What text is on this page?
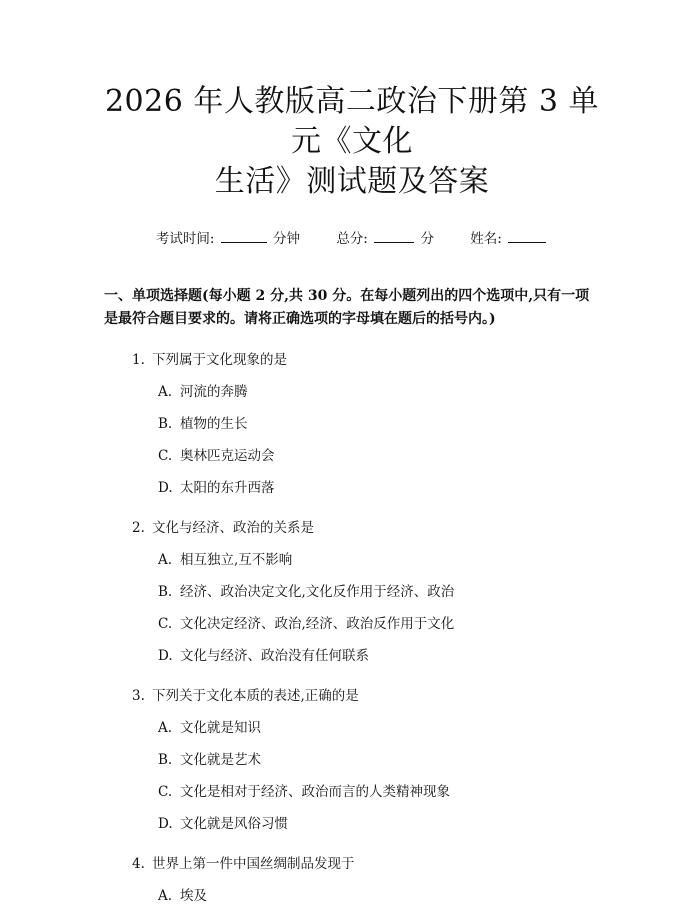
2026 年人教版高二政治下册第 3 单元《文化
生活》测试题及答案
考试时间:	分钟	总分:	分	姓名:
一、单项选择题(每小题 2 分,共 30 分。在每小题列出的四个选项中,只有一项是最符合题目要求的。请将正确选项的字母填在题后的括号内。)
1. 下列属于文化现象的是
A. 河流的奔腾
B. 植物的生长
C. 奥林匹克运动会
D. 太阳的东升西落
2. 文化与经济、政治的关系是
A. 相互独立,互不影响
B. 经济、政治决定文化,文化反作用于经济、政治
C. 文化决定经济、政治,经济、政治反作用于文化
D. 文化与经济、政治没有任何联系
3. 下列关于文化本质的表述,正确的是
A. 文化就是知识
B. 文化就是艺术
C. 文化是相对于经济、政治而言的人类精神现象
D. 文化就是风俗习惯
4. 世界上第一件中国丝绸制品发现于
A. 埃及
